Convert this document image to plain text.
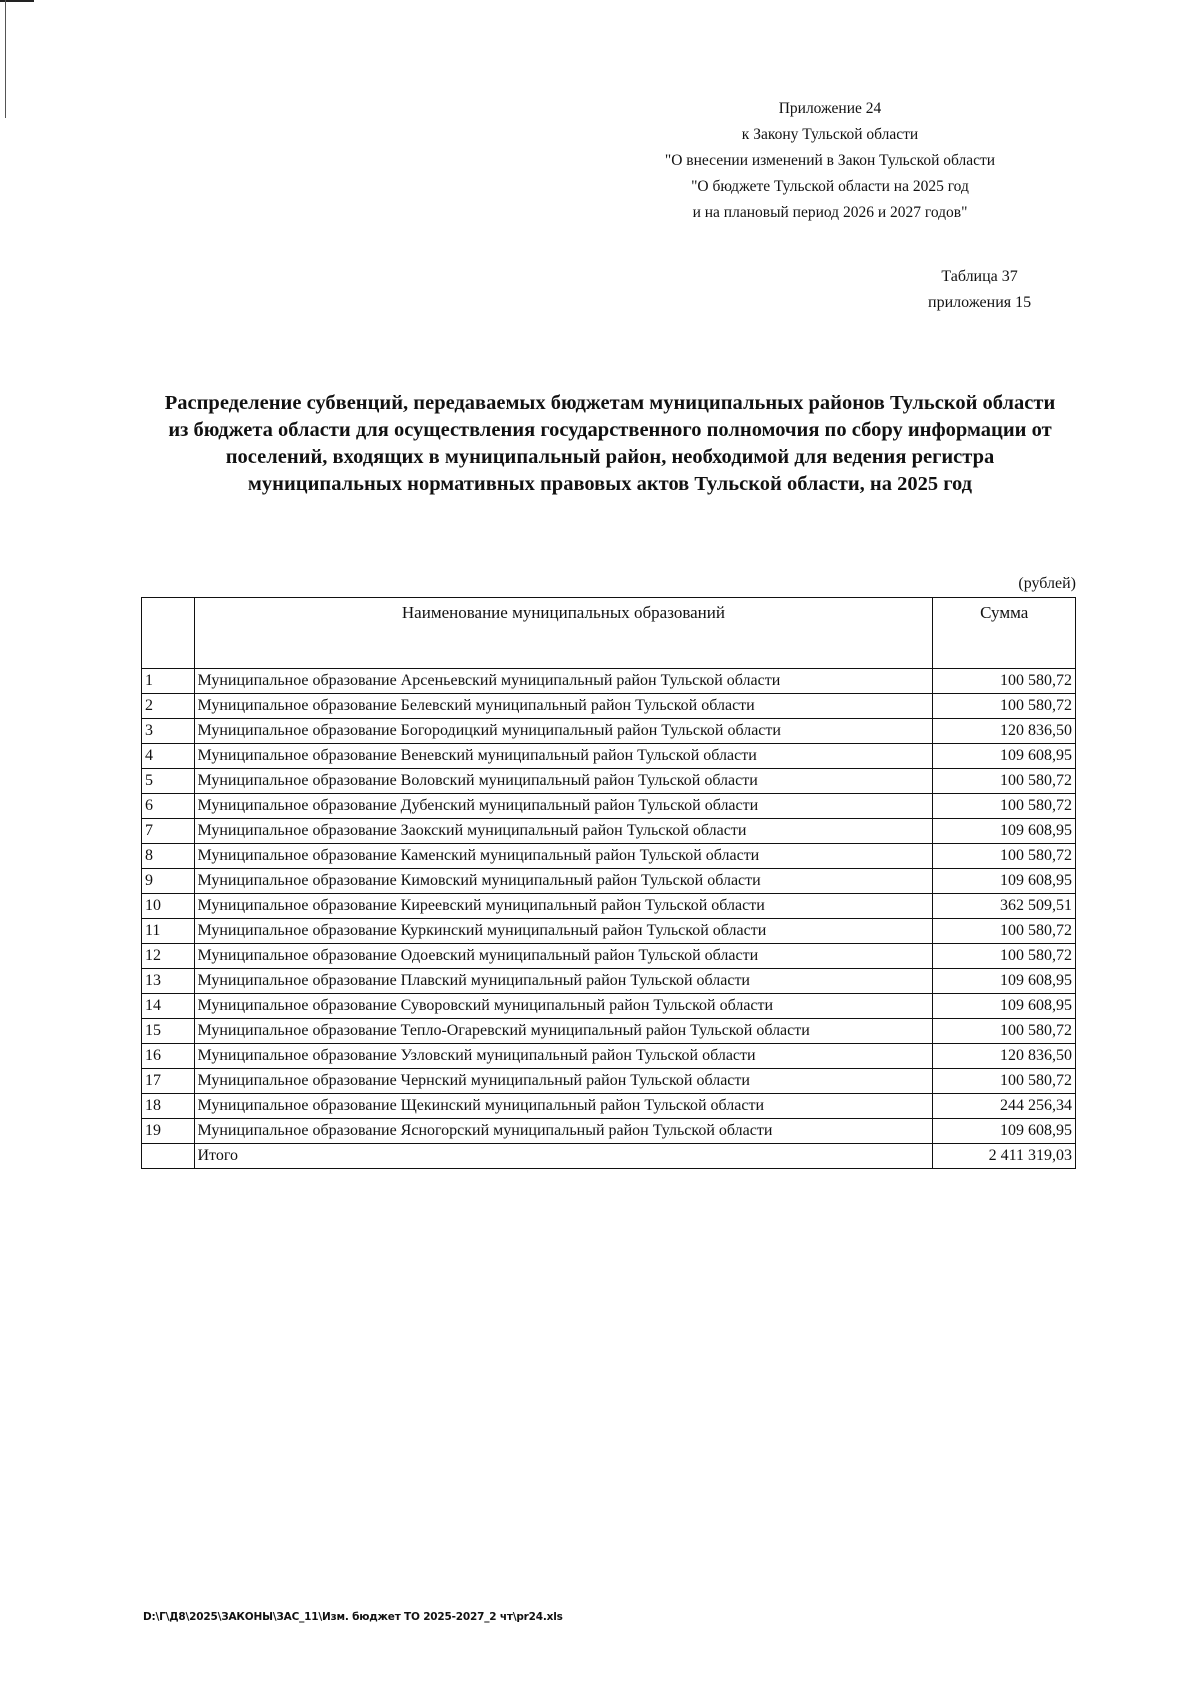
Приложение 24
к Закону Тульской области
"О внесении изменений в Закон Тульской области
"О бюджете Тульской области на 2025 год
и на плановый период 2026 и 2027 годов"
Таблица 37
приложения 15
Распределение субвенций, передаваемых бюджетам муниципальных районов Тульской области
из бюджета области для осуществления государственного полномочия по сбору информации от
поселений, входящих в муниципальный район, необходимой для ведения регистра
муниципальных нормативных правовых актов Тульской области, на 2025 год
(рублей)
	Наименование муниципальных образований	Сумма
1	Муниципальное образование Арсеньевский муниципальный район Тульской области	100 580,72
2	Муниципальное образование Белевский муниципальный район Тульской области	100 580,72
3	Муниципальное образование Богородицкий муниципальный район Тульской области	120 836,50
4	Муниципальное образование Веневский муниципальный район Тульской области	109 608,95
5	Муниципальное образование Воловский муниципальный район Тульской области	100 580,72
6	Муниципальное образование Дубенский муниципальный район Тульской области	100 580,72
7	Муниципальное образование Заокский муниципальный район Тульской области	109 608,95
8	Муниципальное образование Каменский муниципальный район Тульской области	100 580,72
9	Муниципальное образование Кимовский муниципальный район Тульской области	109 608,95
10	Муниципальное образование Киреевский муниципальный район Тульской области	362 509,51
11	Муниципальное образование Куркинский муниципальный район Тульской области	100 580,72
12	Муниципальное образование Одоевский муниципальный район Тульской области	100 580,72
13	Муниципальное образование Плавский муниципальный район Тульской области	109 608,95
14	Муниципальное образование Суворовский муниципальный район Тульской области	109 608,95
15	Муниципальное образование Тепло-Огаревский муниципальный район Тульской области	100 580,72
16	Муниципальное образование Узловский муниципальный район Тульской области	120 836,50
17	Муниципальное образование Чернский муниципальный район Тульской области	100 580,72
18	Муниципальное образование Щекинский муниципальный район Тульской области	244 256,34
19	Муниципальное образование Ясногорский муниципальный район Тульской области	109 608,95
	Итого	2 411 319,03
D:\Г\Д8\2025\ЗАКОНЫ\ЗАС_11\Изм. бюджет ТО 2025-2027_2 чт\pr24.xls
